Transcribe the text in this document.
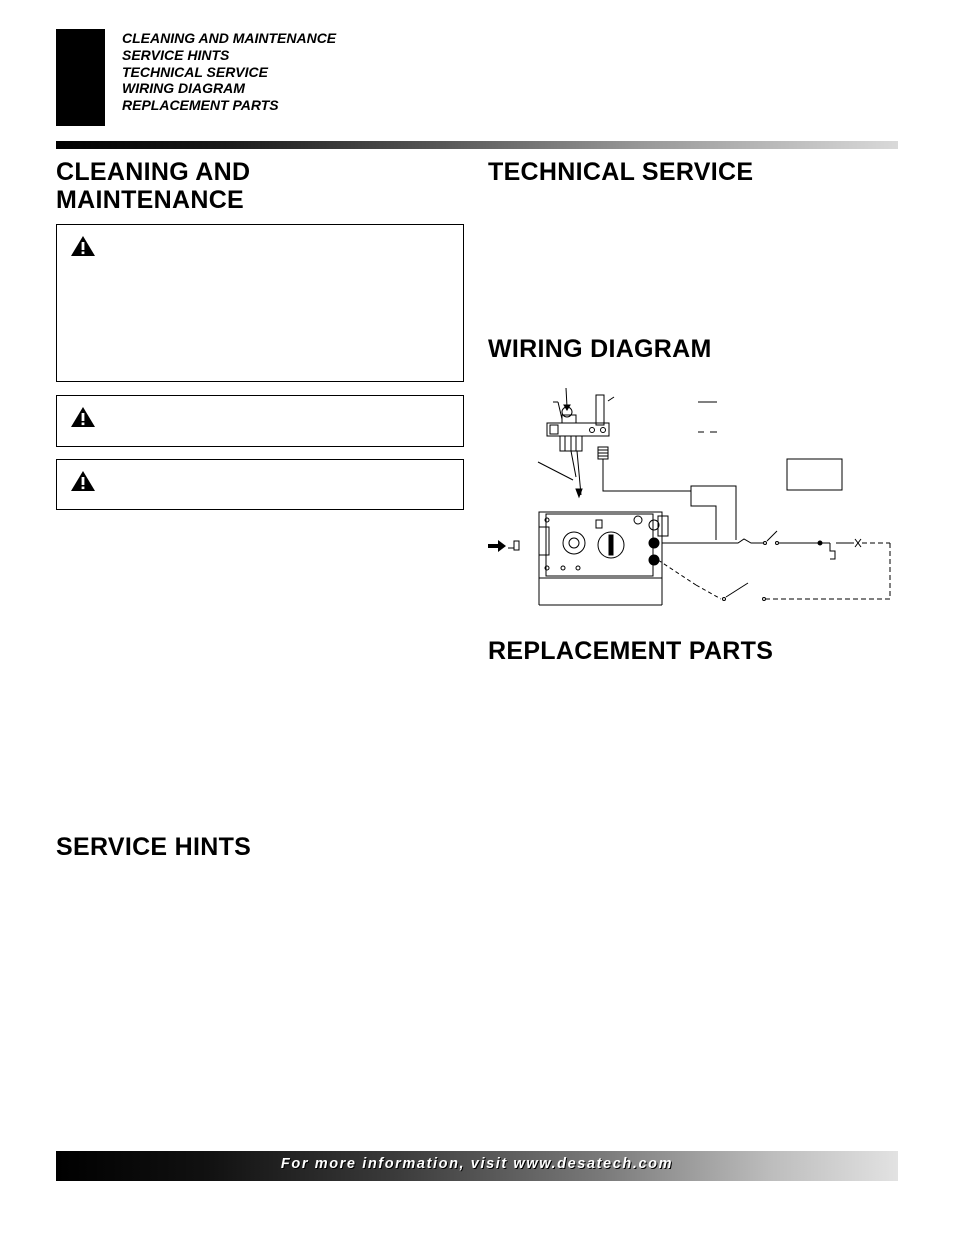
CLEANING AND MAINTENANCE
SERVICE HINTS
TECHNICAL SERVICE
WIRING DIAGRAM
REPLACEMENT PARTS
CLEANING AND
MAINTENANCE
SERVICE HINTS
TECHNICAL SERVICE
WIRING DIAGRAM
REPLACEMENT PARTS
For more information, visit www.desatech.com
